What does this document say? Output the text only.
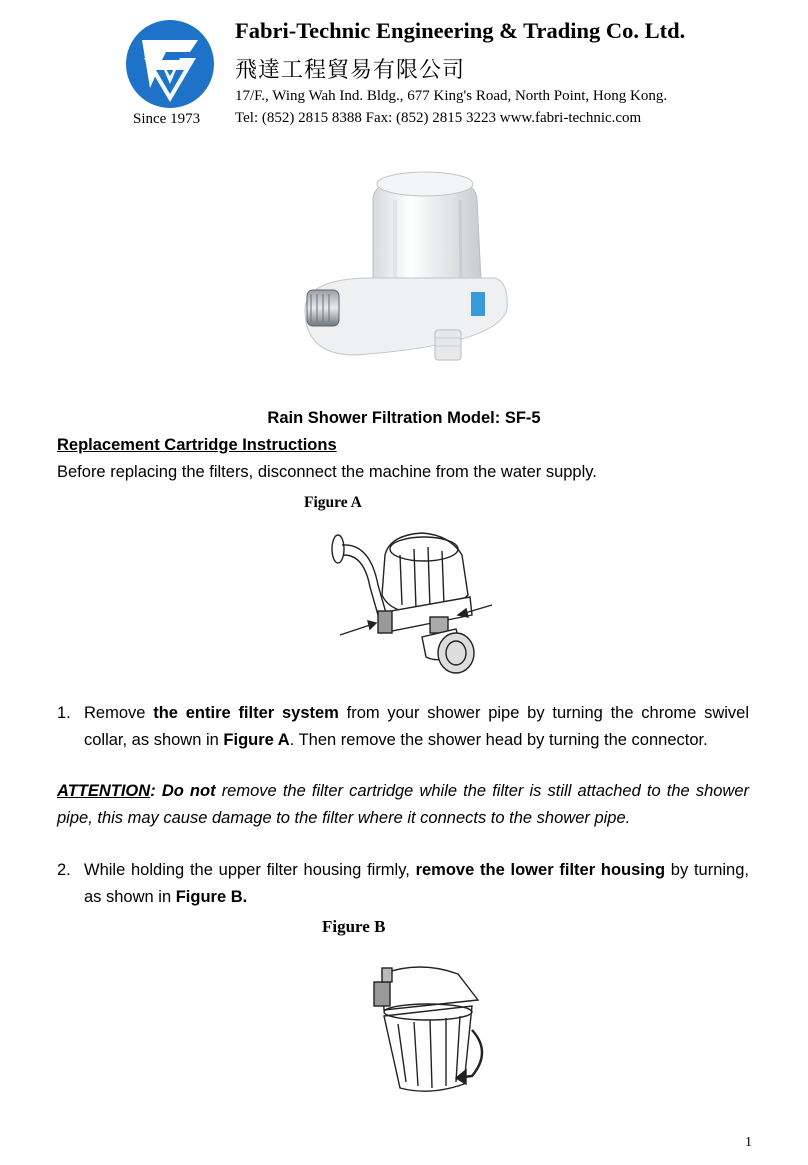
Since 1973
Fabri-Technic Engineering & Trading Co. Ltd.
飛達工程貿易有限公司
17/F., Wing Wah Ind. Bldg., 677 King's Road, North Point, Hong Kong.
Tel: (852) 2815 8388 Fax: (852) 2815 3223 www.fabri-technic.com
Rain Shower Filtration Model: SF-5
Replacement Cartridge Instructions
Before replacing the filters, disconnect the machine from the water supply.
Figure A
1. Remove the entire filter system from your shower pipe by turning the chrome swivel collar, as shown in Figure A. Then remove the shower head by turning the connector.
ATTENTION: Do not remove the filter cartridge while the filter is still attached to the shower pipe, this may cause damage to the filter where it connects to the shower pipe.
2. While holding the upper filter housing firmly, remove the lower filter housing by turning, as shown in Figure B.
Figure B
1
